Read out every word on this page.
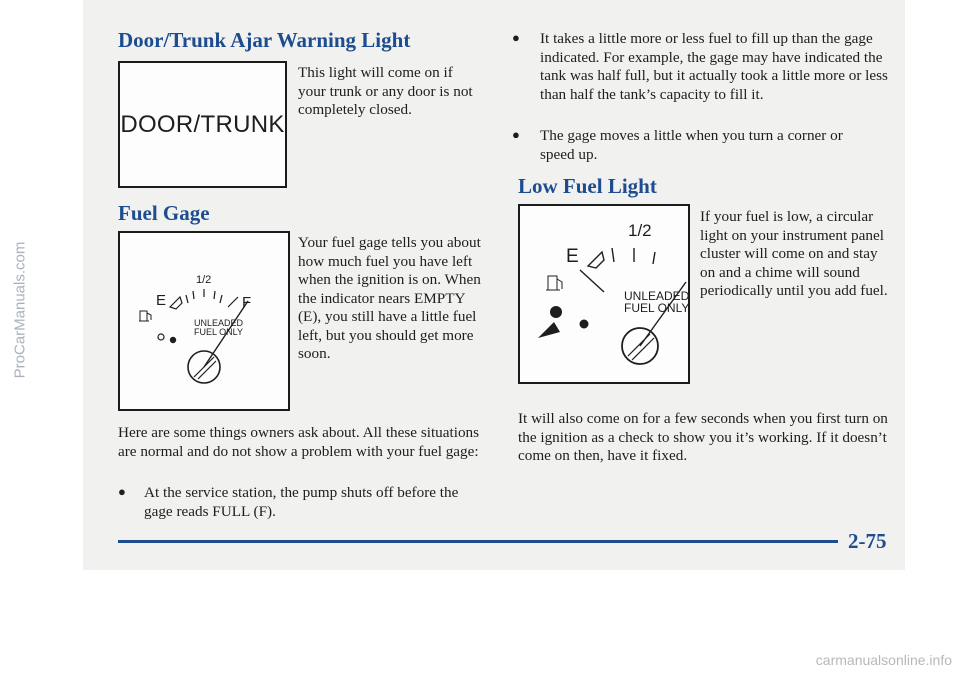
Door/Trunk Ajar Warning Light
DOOR/TRUNK

This light will come on if your trunk or any door is not completely closed.

Fuel Gage
1/2
E	F
UNLEADED
FUEL ONLY

Your fuel gage tells you about how much fuel you have left when the ignition is on. When the indicator nears EMPTY (E), you still have a little fuel left, but you should get more soon.

Here are some things owners ask about. All these situations are normal and do not show a problem with your fuel gage:

● At the service station, the pump shuts off before the gage reads FULL (F).

● It takes a little more or less fuel to fill up than the gage indicated. For example, the gage may have indicated the tank was half full, but it actually took a little more or less than half the tank’s capacity to fill it.

● The gage moves a little when you turn a corner or speed up.

Low Fuel Light
1/2
E
UNLEADED
FUEL ONLY

If your fuel is low, a circular light on your instrument panel cluster will come on and stay on and a chime will sound periodically until you add fuel.

It will also come on for a few seconds when you first turn on the ignition as a check to show you it’s working. If it doesn’t come on then, have it fixed.

2-75
ProCarManuals.com
carmanualsonline.info
